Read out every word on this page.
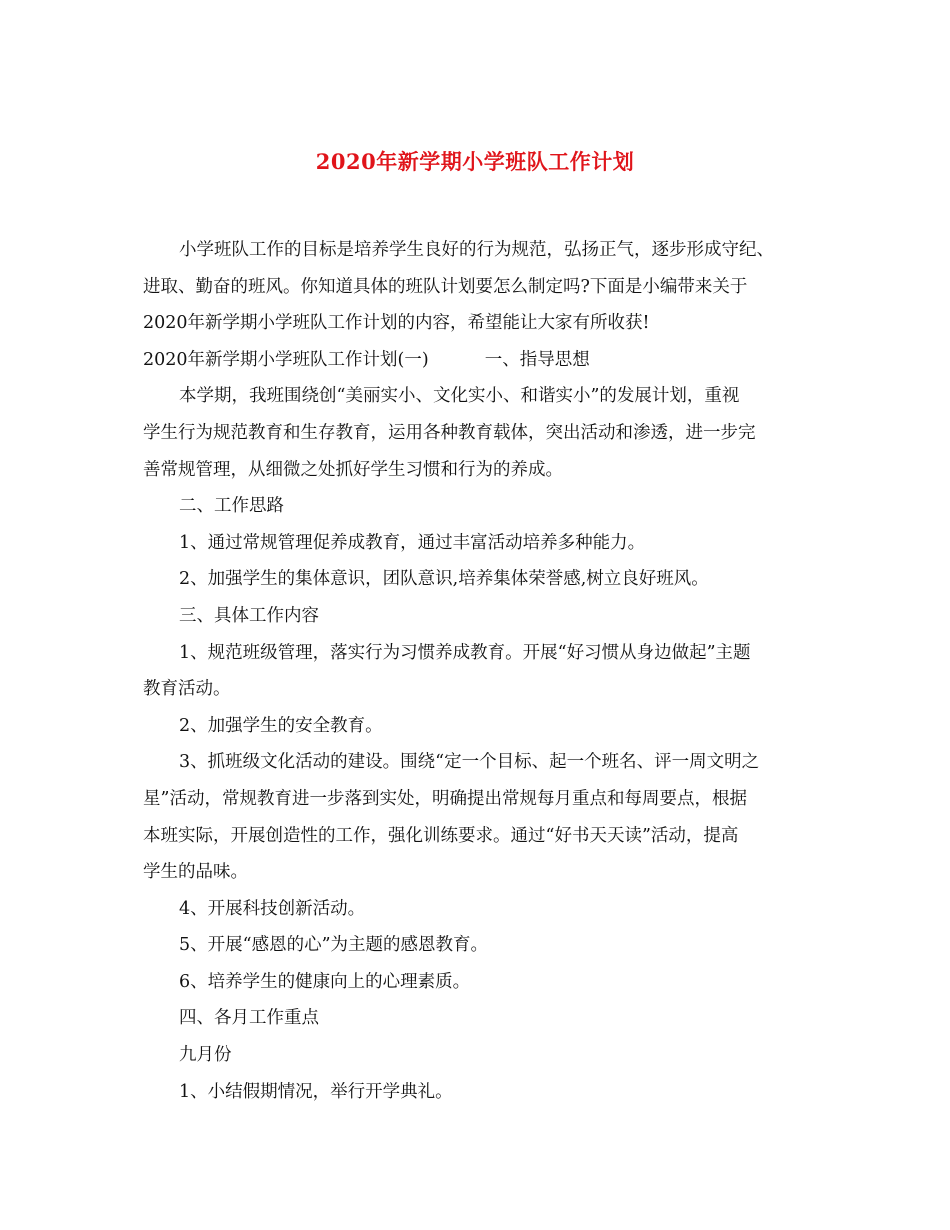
2020年新学期小学班队工作计划
小学班队工作的目标是培养学生良好的行为规范，弘扬正气，逐步形成守纪、
进取、勤奋的班风。你知道具体的班队计划要怎么制定吗?下面是小编带来关于
2020年新学期小学班队工作计划的内容，希望能让大家有所收获!
2020年新学期小学班队工作计划(一)	一、指导思想
本学期，我班围绕创“美丽实小、文化实小、和谐实小”的发展计划，重视
学生行为规范教育和生存教育，运用各种教育载体，突出活动和渗透，进一步完
善常规管理，从细微之处抓好学生习惯和行为的养成。
二、工作思路
1、通过常规管理促养成教育，通过丰富活动培养多种能力。
2、加强学生的集体意识，团队意识,培养集体荣誉感,树立良好班风。
三、具体工作内容
1、规范班级管理，落实行为习惯养成教育。开展“好习惯从身边做起”主题
教育活动。
2、加强学生的安全教育。
3、抓班级文化活动的建设。围绕“定一个目标、起一个班名、评一周文明之
星”活动，常规教育进一步落到实处，明确提出常规每月重点和每周要点，根据
本班实际，开展创造性的工作，强化训练要求。通过“好书天天读”活动，提高
学生的品味。
4、开展科技创新活动。
5、开展“感恩的心”为主题的感恩教育。
6、培养学生的健康向上的心理素质。
四、各月工作重点
九月份
1、小结假期情况，举行开学典礼。
